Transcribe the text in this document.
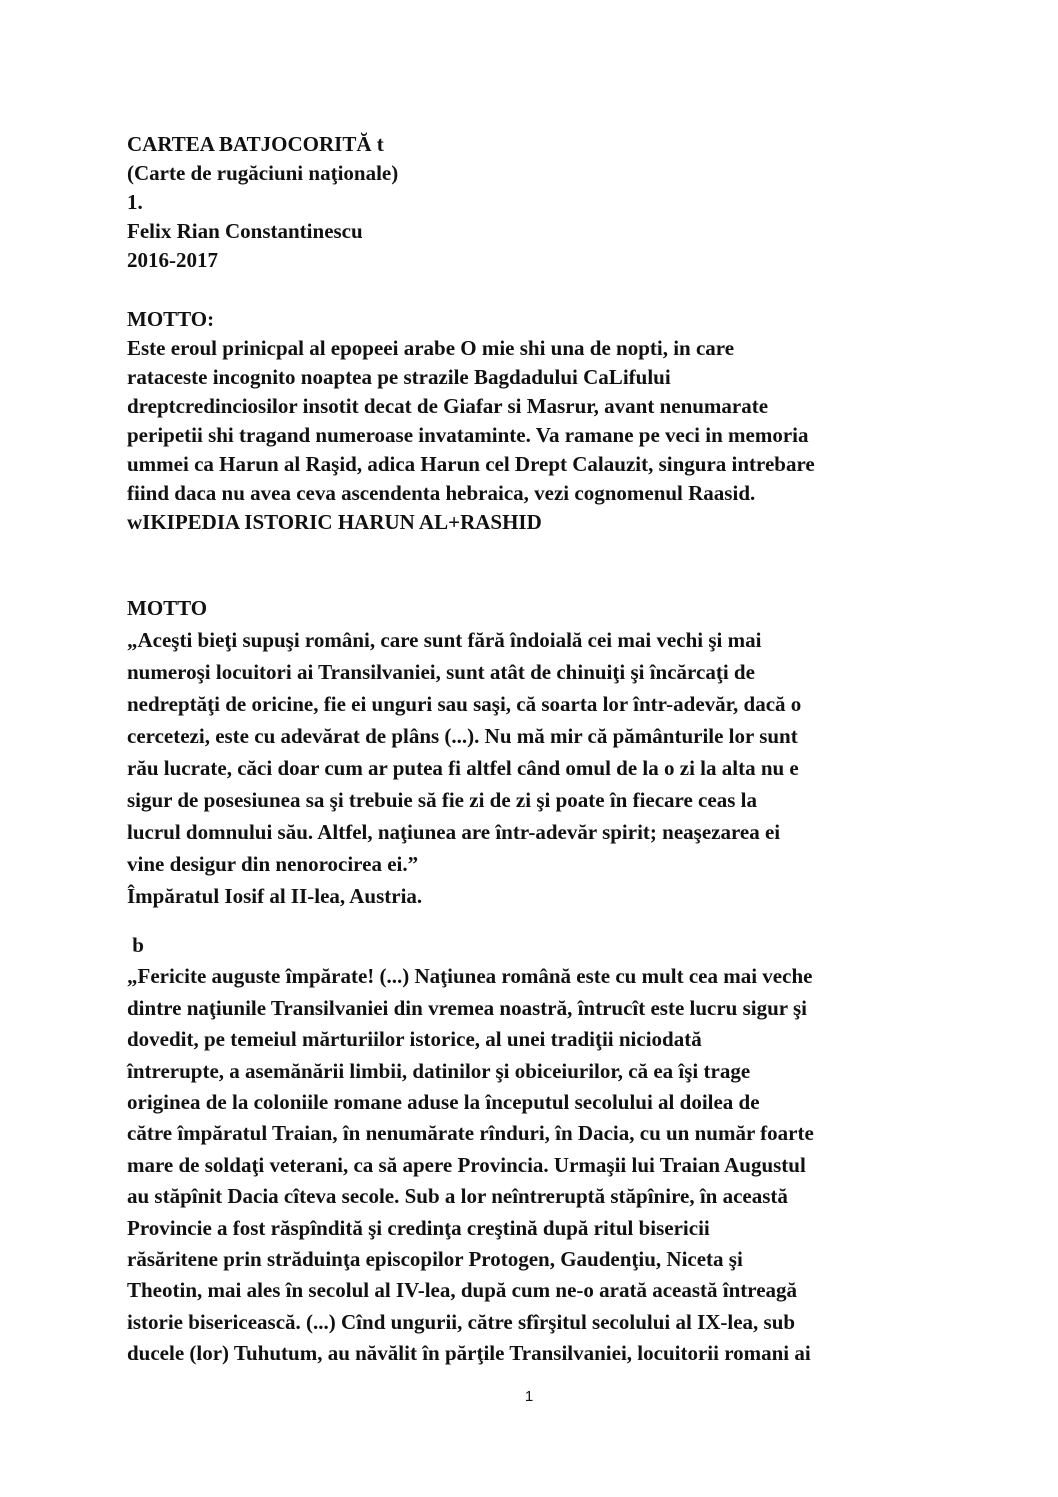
CARTEA BATJOCORITĂ t
(Carte de rugăciuni naţionale)
1.
Felix Rian Constantinescu
2016-2017
MOTTO:
Este eroul prinicpal al epopeei arabe O mie shi una de nopti, in care
rataceste incognito noaptea pe strazile Bagdadului CaLifului
dreptcredinciosilor insotit decat de Giafar si Masrur, avant nenumarate
peripetii shi tragand numeroase invataminte. Va ramane pe veci in memoria
ummei ca Harun al Raşid, adica Harun cel Drept Calauzit, singura intrebare
fiind daca nu avea ceva ascendenta hebraica, vezi cognomenul Raasid.
wIKIPEDIA ISTORIC HARUN AL+RASHID
MOTTO
„Aceşti bieţi supuşi români, care sunt fără îndoială cei mai vechi şi mai
numeroşi locuitori ai Transilvaniei, sunt atât de chinuiţi şi încărcaţi de
nedreptăţi de oricine, fie ei unguri sau saşi, că soarta lor într-adevăr, dacă o
cercetezi, este cu adevărat de plâns (...). Nu mă mir că pământurile lor sunt
rău lucrate, căci doar cum ar putea fi altfel când omul de la o zi la alta nu e
sigur de posesiunea sa şi trebuie să fie zi de zi şi poate în fiecare ceas la
lucrul domnului său. Altfel, naţiunea are într-adevăr spirit; neaşezarea ei
vine desigur din nenorocirea ei.”
Împăratul Iosif al II-lea, Austria.
b
„Fericite auguste împărate! (...) Naţiunea română este cu mult cea mai veche
dintre naţiunile Transilvaniei din vremea noastră, întrucît este lucru sigur şi
dovedit, pe temeiul mărturiilor istorice, al unei tradiţii niciodată
întrerupte, a asemănării limbii, datinilor şi obiceiurilor, că ea îşi trage
originea de la coloniile romane aduse la începutul secolului al doilea de
către împăratul Traian, în nenumărate rînduri, în Dacia, cu un număr foarte
mare de soldaţi veterani, ca să apere Provincia. Urmaşii lui Traian Augustul
au stăpînit Dacia cîteva secole. Sub a lor neîntreruptă stăpînire, în această
Provincie a fost răspîndită şi credinţa creştină după ritul bisericii
răsăritene prin străduinţa episcopilor Protogen, Gaudenţiu, Niceta şi
Theotin, mai ales în secolul al IV-lea, după cum ne-o arată această întreagă
istorie bisericească. (...) Cînd ungurii, către sfîrşitul secolului al IX-lea, sub
ducele (lor) Tuhutum, au năvălit în părţile Transilvaniei, locuitorii romani ai
1
